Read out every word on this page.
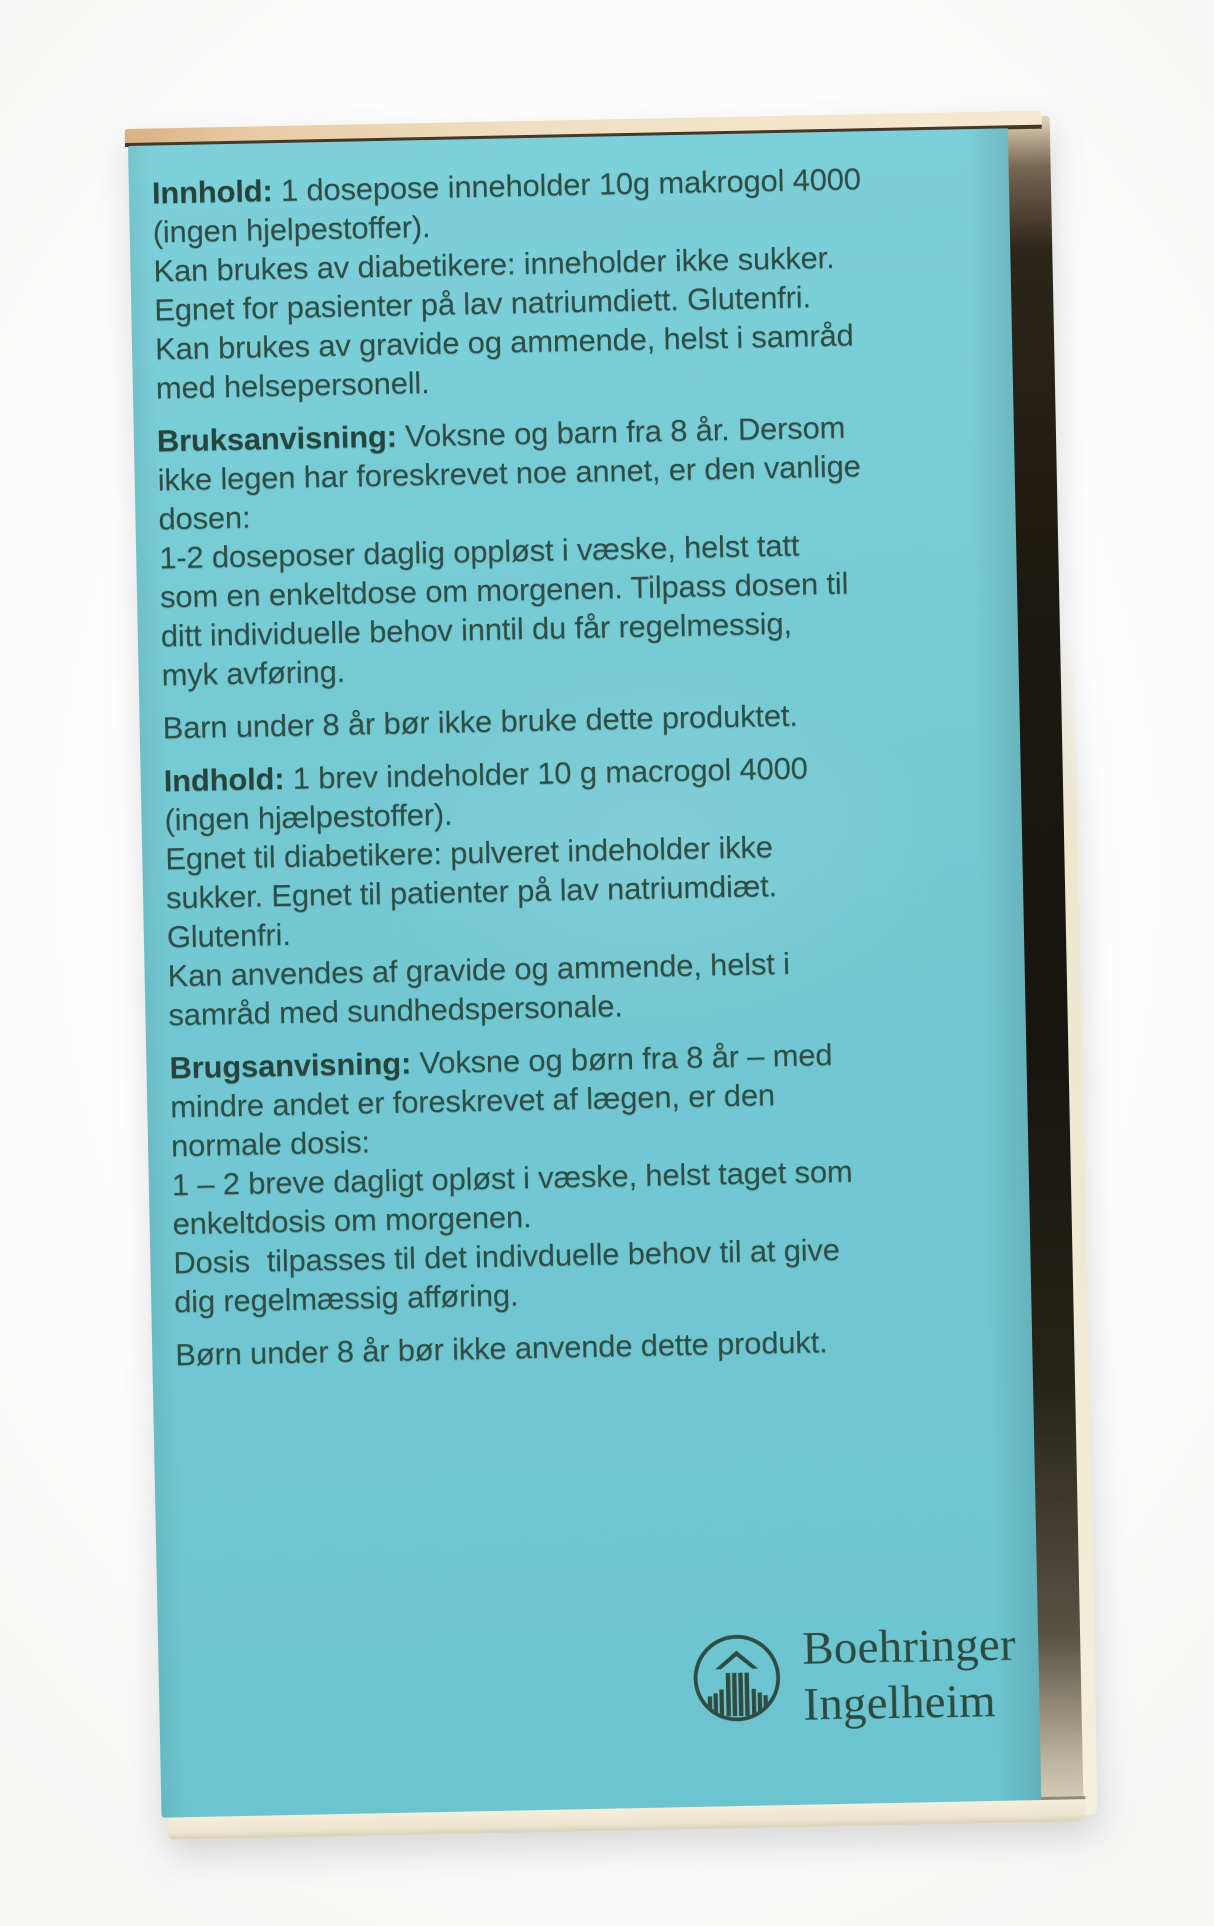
Innhold: 1 dosepose inneholder 10g makrogol 4000
(ingen hjelpestoffer).
Kan brukes av diabetikere: inneholder ikke sukker.
Egnet for pasienter på lav natriumdiett. Glutenfri.
Kan brukes av gravide og ammende, helst i samråd
med helsepersonell.

Bruksanvisning: Voksne og barn fra 8 år. Dersom
ikke legen har foreskrevet noe annet, er den vanlige
dosen:
1-2 doseposer daglig oppløst i væske, helst tatt
som en enkeltdose om morgenen. Tilpass dosen til
ditt individuelle behov inntil du får regelmessig,
myk avføring.

Barn under 8 år bør ikke bruke dette produktet.

Indhold: 1 brev indeholder 10 g macrogol 4000
(ingen hjælpestoffer).
Egnet til diabetikere: pulveret indeholder ikke
sukker. Egnet til patienter på lav natriumdiæt.
Glutenfri.
Kan anvendes af gravide og ammende, helst i
samråd med sundhedspersonale.

Brugsanvisning: Voksne og børn fra 8 år – med
mindre andet er foreskrevet af lægen, er den
normale dosis:
1 – 2 breve dagligt opløst i væske, helst taget som
enkeltdosis om morgenen.
Dosis  tilpasses til det indivduelle behov til at give
dig regelmæssig afføring.

Børn under 8 år bør ikke anvende dette produkt.

Boehringer
Ingelheim
